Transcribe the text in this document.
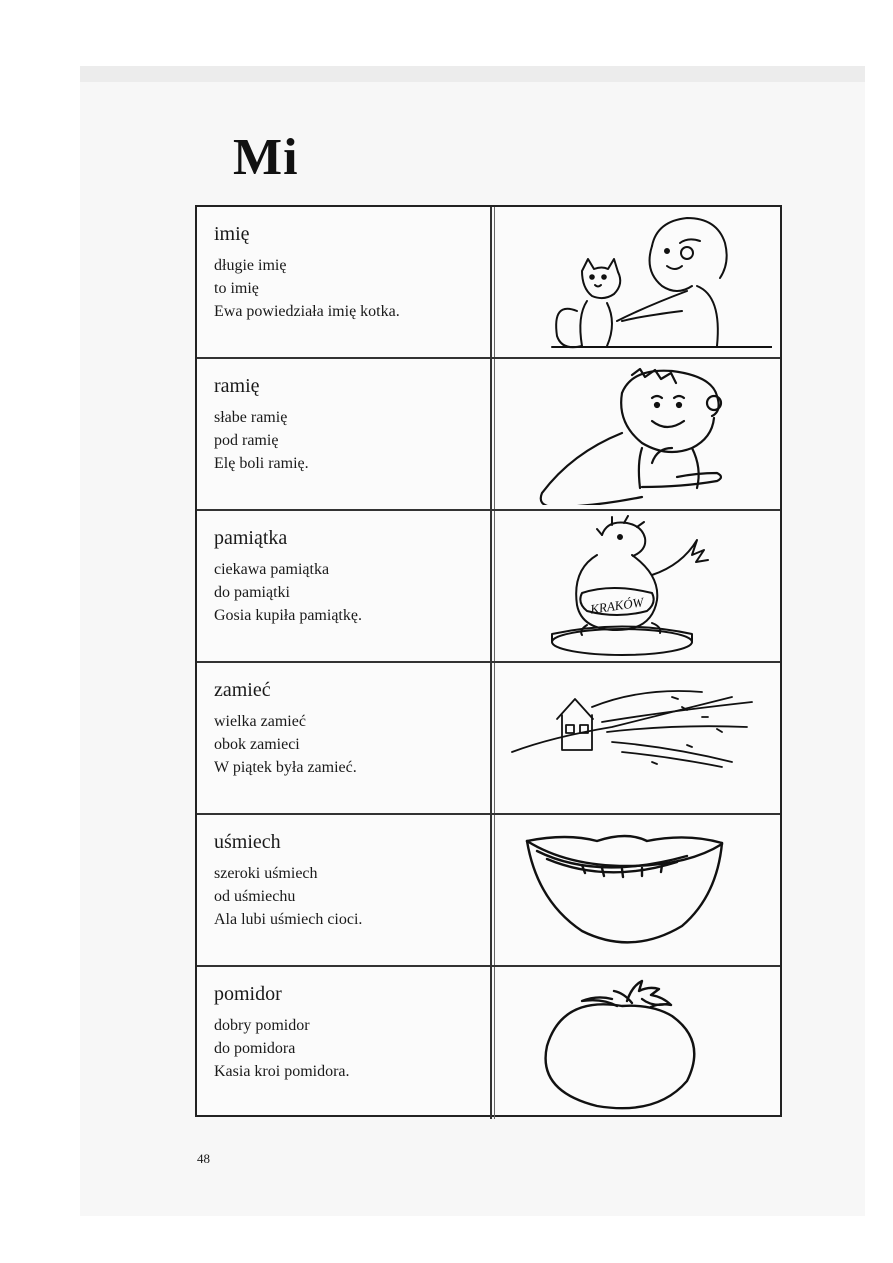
Mi
imię
długie imię
to imię
Ewa powiedziała imię kotka.
ramię
słabe ramię
pod ramię
Elę boli ramię.
pamiątka
ciekawa pamiątka
do pamiątki
Gosia kupiła pamiątkę.	KRAKÓW
zamieć
wielka zamieć
obok zamieci
W piątek była zamieć.
uśmiech
szeroki uśmiech
od uśmiechu
Ala lubi uśmiech cioci.
pomidor
dobry pomidor
do pomidora
Kasia kroi pomidora.
48
